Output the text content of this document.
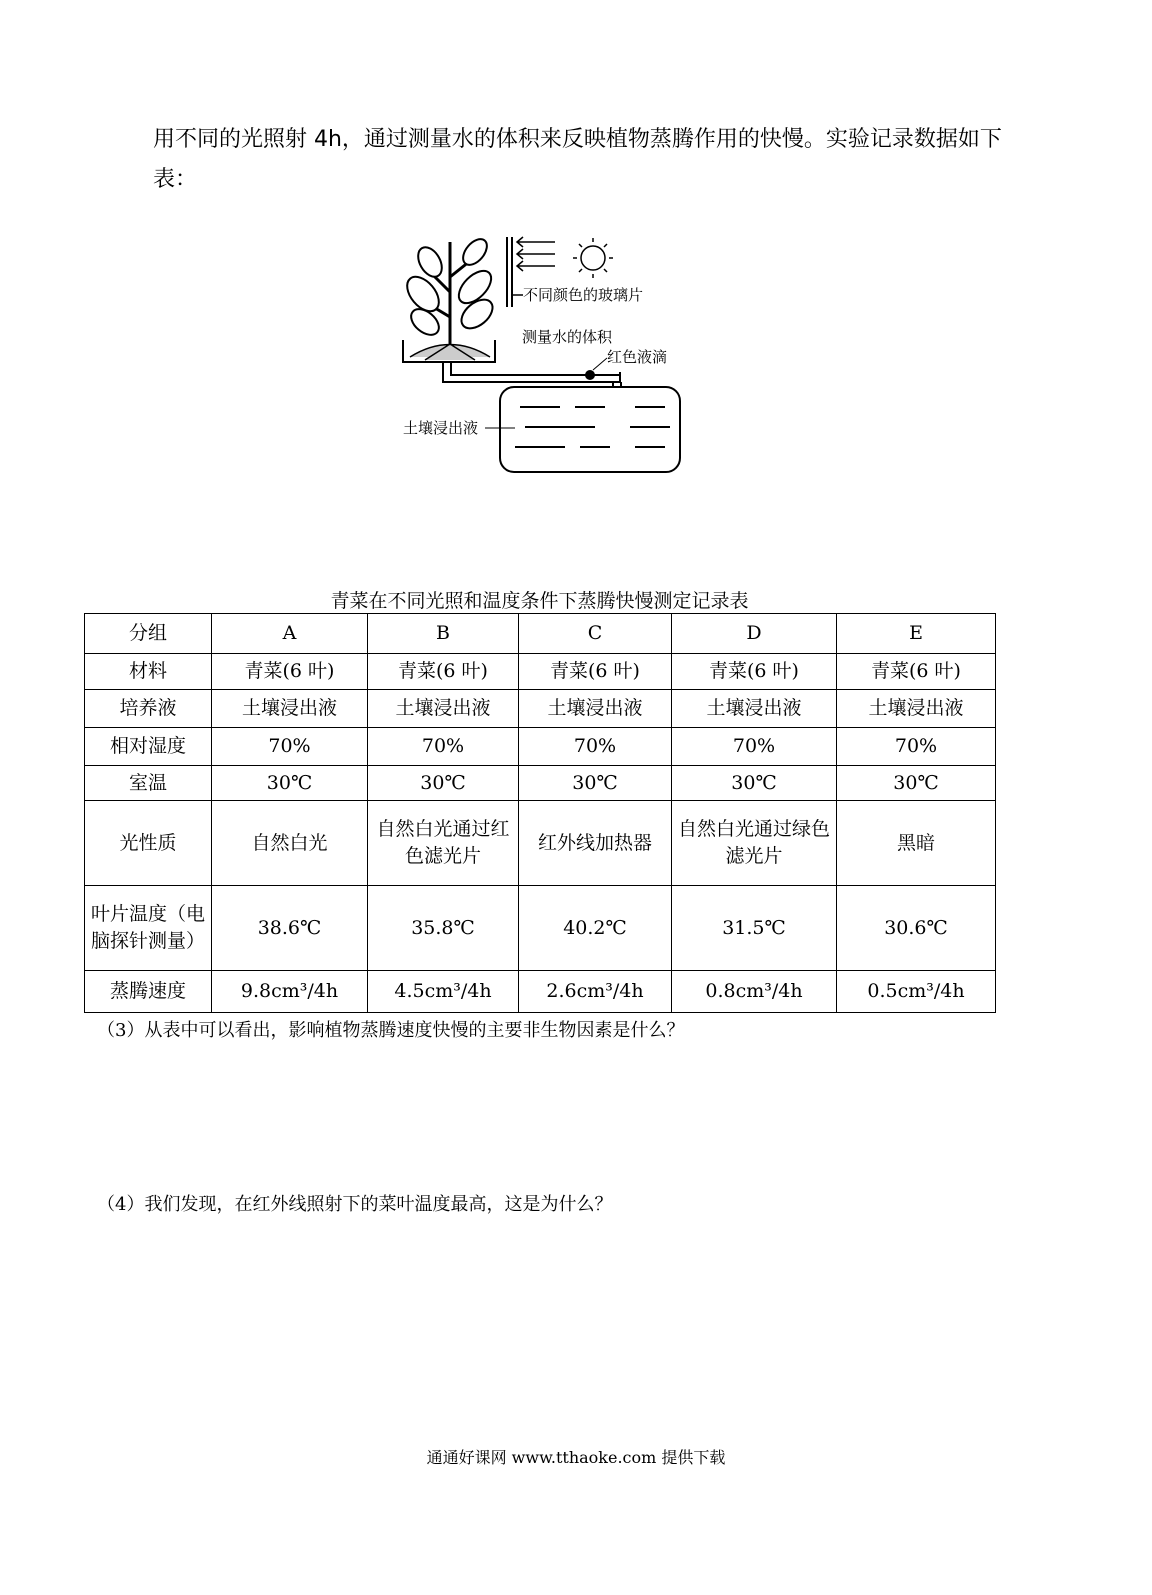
用不同的光照射 4h，通过测量水的体积来反映植物蒸腾作用的快慢。实验记录数据如下表：
不同颜色的玻璃片
测量水的体积
红色液滴
土壤浸出液
青菜在不同光照和温度条件下蒸腾快慢测定记录表
分组	A	B	C	D	E
材料	青菜(6 叶)	青菜(6 叶)	青菜(6 叶)	青菜(6 叶)	青菜(6 叶)
培养液	土壤浸出液	土壤浸出液	土壤浸出液	土壤浸出液	土壤浸出液
相对湿度	70%	70%	70%	70%	70%
室温	30℃	30℃	30℃	30℃	30℃
光性质	自然白光	自然白光通过红色滤光片	红外线加热器	自然白光通过绿色滤光片	黑暗
叶片温度（电脑探针测量）	38.6℃	35.8℃	40.2℃	31.5℃	30.6℃
蒸腾速度	9.8cm³/4h	4.5cm³/4h	2.6cm³/4h	0.8cm³/4h	0.5cm³/4h
（3）从表中可以看出，影响植物蒸腾速度快慢的主要非生物因素是什么？
（4）我们发现，在红外线照射下的菜叶温度最高，这是为什么？
通通好课网 www.tthaoke.com 提供下载
